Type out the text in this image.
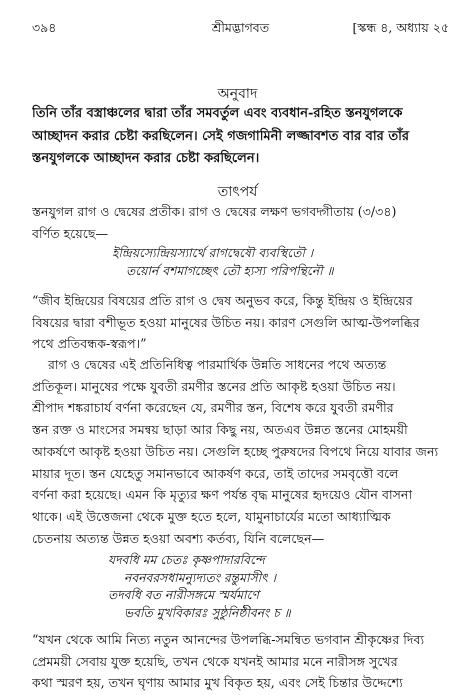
৩৯৪	শ্রীমদ্ভাগবত	[স্কন্ধ ৪, অধ্যায় ২৫
অনুবাদ
তিনি তাঁর বস্ত্রাঞ্চলের দ্বারা তাঁর সমবর্তুল এবং ব্যবধান-রহিত স্তনযুগলকে
আচ্ছাদন করার চেষ্টা করছিলেন। সেই গজগামিনী লজ্জাবশত বার বার তাঁর
স্তনযুগলকে আচ্ছাদন করার চেষ্টা করছিলেন।
তাৎপর্য
স্তনযুগল রাগ ও দ্বেষের প্রতীক। রাগ ও দ্বেষের লক্ষণ ভগবদ্গীতায় (৩/৩৪)
বর্ণিত হয়েছে—
ইন্দ্রিয়স্যেন্দ্রিয়স্যার্থে রাগদ্বেষৌ ব্যবস্থিতৌ ।
তয়োর্ন বশমাগচ্ছেৎ তৌ হ্যস্য পরিপন্থিনৌ ॥
“জীব ইন্দ্রিয়ের বিষয়ের প্রতি রাগ ও দ্বেষ অনুভব করে, কিন্তু ইন্দ্রিয় ও ইন্দ্রিয়ের
বিষয়ের দ্বারা বশীভূত হওয়া মানুষের উচিত নয়। কারণ সেগুলি আত্ম-উপলব্ধির
পথে প্রতিবন্ধক-স্বরূপ।”
রাগ ও দ্বেষের এই প্রতিনিধিত্ব পারমার্থিক উন্নতি সাধনের পথে অত্যন্ত
প্রতিকূল। মানুষের পক্ষে যুবতী রমণীর স্তনের প্রতি আকৃষ্ট হওয়া উচিত নয়।
শ্রীপাদ শঙ্করাচার্য বর্ণনা করেছেন যে, রমণীর স্তন, বিশেষ করে যুবতী রমণীর
স্তন রক্ত ও মাংসের সমন্বয় ছাড়া আর কিছু নয়, অতএব উন্নত স্তনের মোহময়ী
আকর্ষণে আকৃষ্ট হওয়া উচিত নয়। সেগুলি হচ্ছে পুরুষদের বিপথে নিয়ে যাবার জন্য
মায়ার দূত। স্তন যেহেতু সমানভাবে আকর্ষণ করে, তাই তাদের সমবৃত্তৌ বলে
বর্ণনা করা হয়েছে। এমন কি মৃত্যুর ক্ষণ পর্যন্ত বৃদ্ধ মানুষের হৃদয়েও যৌন বাসনা
থাকে। এই উত্তেজনা থেকে মুক্ত হতে হলে, যামুনাচার্যের মতো আধ্যাত্মিক
চেতনায় অত্যন্ত উন্নত হওয়া অবশ্য কর্তব্য, যিনি বলেছেন—
যদবধি মম চেতঃ কৃষ্ণপাদারবিন্দে
নবনবরসধামন্যুদ্যতং রন্তুমাসীৎ ।
তদবধি বত নারীসঙ্গমে স্মর্যমাণে
ভবতি মুখবিকারঃ সুষ্ঠুনিষ্ঠীবনং চ ॥
“যখন থেকে আমি নিত্য নতুন আনন্দের উপলব্ধি-সমন্বিত ভগবান শ্রীকৃষ্ণের দিব্য
প্রেমময়ী সেবায় যুক্ত হয়েছি, তখন থেকে যখনই আমার মনে নারীসঙ্গ সুখের
কথা স্মরণ হয়, তখন ঘৃণায় আমার মুখ বিকৃত হয়, এবং সেই চিন্তার উদ্দেশ্যে
